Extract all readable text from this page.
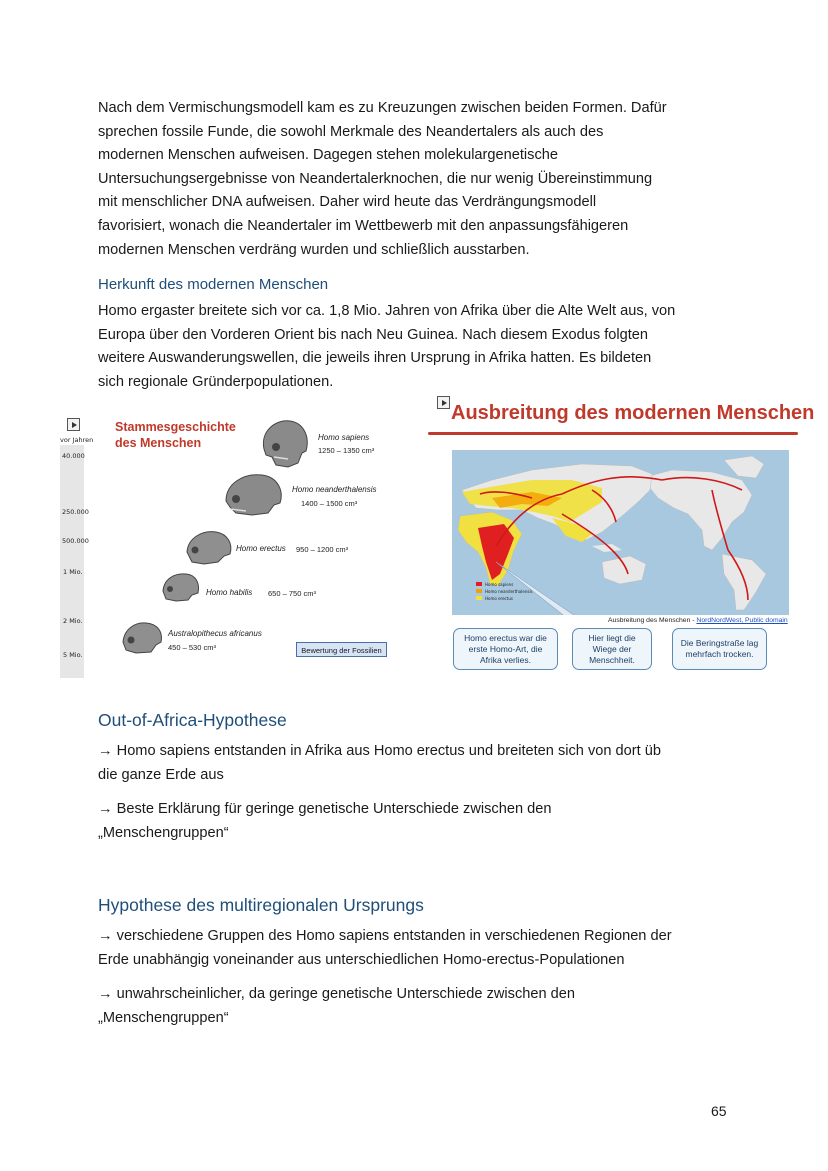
Nach dem Vermischungsmodell kam es zu Kreuzungen zwischen beiden Formen. Dafür
sprechen fossile Funde, die sowohl Merkmale des Neandertalers als auch des
modernen Menschen aufweisen. Dagegen stehen molekulargenetische
Untersuchungsergebnisse von Neandertalerknochen, die nur wenig Übereinstimmung
mit menschlicher DNA aufweisen. Daher wird heute das Verdrängungsmodell
favorisiert, wonach die Neandertaler im Wettbewerb mit den anpassungsfähigeren
modernen Menschen verdräng wurden und schließlich ausstarben.
Herkunft des modernen Menschen
Homo ergaster breitete sich vor ca. 1,8 Mio. Jahren von Afrika über die Alte Welt aus, von
Europa über den Vorderen Orient bis nach Neu Guinea. Nach diesem Exodus folgten
weitere Auswanderungswellen, die jeweils ihren Ursprung in Afrika hatten. Es bildeten
sich regionale Gründerpopulationen.
vor Jahren
40.000
250.000
500.000
1 Mio.
2 Mio.
5 Mio.
Stammesgeschichte
des Menschen	Homo sapiens
1250 – 1350 cm³
Homo neanderthalensis
1400 – 1500 cm³
Homo erectus 950 – 1200 cm³
Homo habilis 650 – 750 cm³
Australopithecus africanus
450 – 530 cm³	Bewertung der Fossilien
Ausbreitung des modernen Menschen
Homo sapiens
Homo neanderthalensis
Homo erectus
Ausbreitung des Menschen - NordNordWest, Public domain
Homo erectus war die erste Homo-Art, die Afrika verlies.
Hier liegt die Wiege der Menschheit.
Die Beringstraße lag mehrfach trocken.
Out-of-Africa-Hypothese
→ Homo sapiens entstanden in Afrika aus Homo erectus und breiteten sich von dort üb
die ganze Erde aus
→ Beste Erklärung für geringe genetische Unterschiede zwischen den
„Menschengruppen“
Hypothese des multiregionalen Ursprungs
→ verschiedene Gruppen des Homo sapiens entstanden in verschiedenen Regionen der
Erde unabhängig voneinander aus unterschiedlichen Homo-erectus-Populationen
→ unwahrscheinlicher, da geringe genetische Unterschiede zwischen den
„Menschengruppen“
65
